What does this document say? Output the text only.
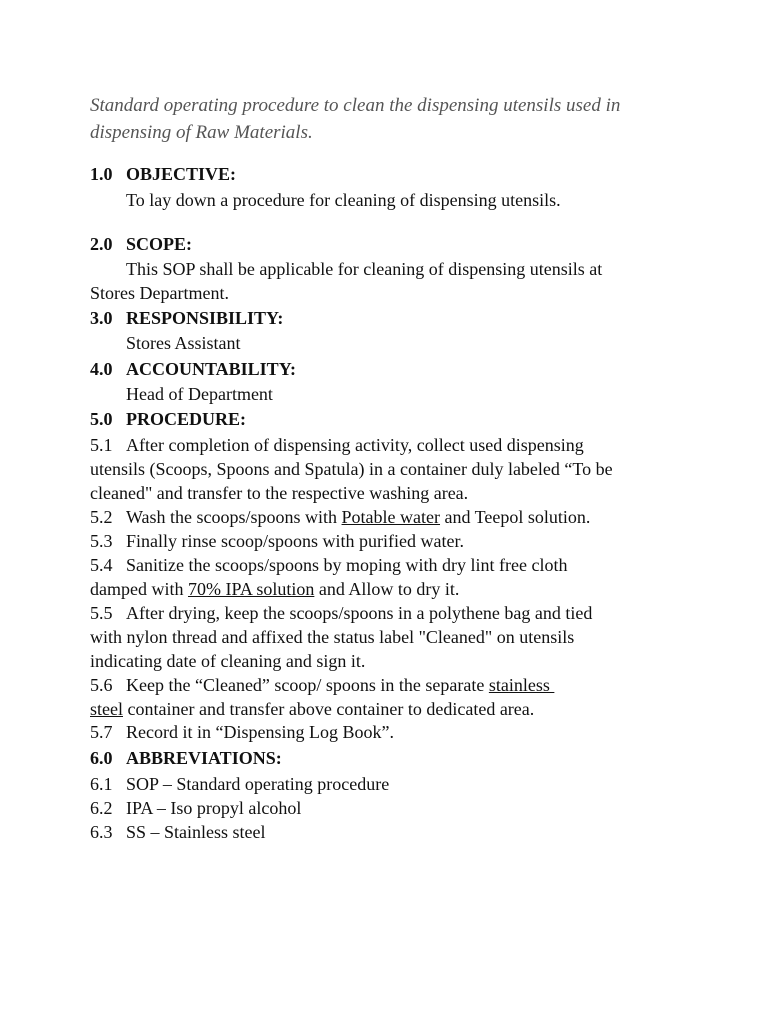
Standard operating procedure to clean the dispensing utensils used in
dispensing of Raw Materials.
1.0 OBJECTIVE:
To lay down a procedure for cleaning of dispensing utensils.
2.0 SCOPE:
This SOP shall be applicable for cleaning of dispensing utensils at
Stores Department.
3.0 RESPONSIBILITY:
Stores Assistant
4.0 ACCOUNTABILITY:
Head of Department
5.0 PROCEDURE:
5.1 After completion of dispensing activity, collect used dispensing
utensils (Scoops, Spoons and Spatula) in a container duly labeled “To be
cleaned" and transfer to the respective washing area.
5.2 Wash the scoops/spoons with Potable water and Teepol solution.
5.3 Finally rinse scoop/spoons with purified water.
5.4 Sanitize the scoops/spoons by moping with dry lint free cloth
damped with 70% IPA solution and Allow to dry it.
5.5 After drying, keep the scoops/spoons in a polythene bag and tied
with nylon thread and affixed the status label "Cleaned" on utensils
indicating date of cleaning and sign it.
5.6 Keep the “Cleaned” scoop/ spoons in the separate stainless
steel container and transfer above container to dedicated area.
5.7 Record it in “Dispensing Log Book”.
6.0 ABBREVIATIONS:
6.1 SOP – Standard operating procedure
6.2 IPA – Iso propyl alcohol
6.3 SS – Stainless steel
